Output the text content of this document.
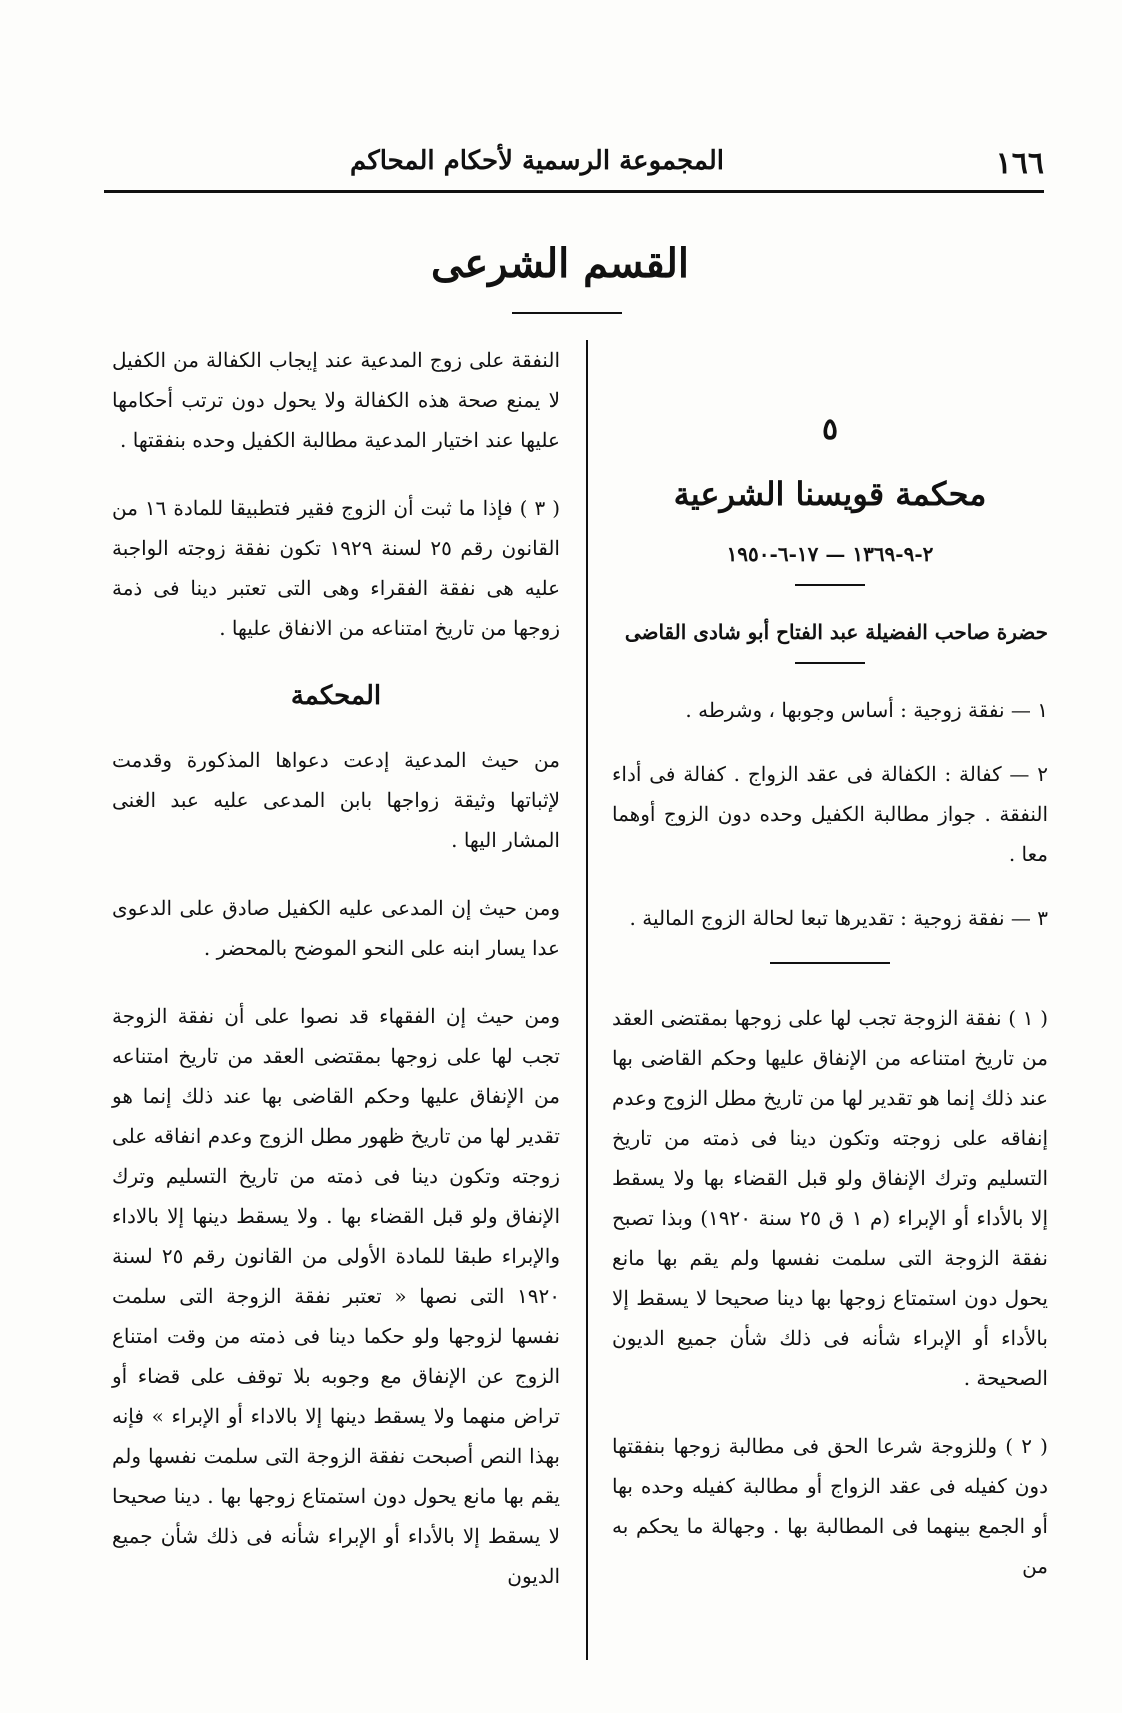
١٦٦
المجموعة الرسمية لأحكام المحاكم
القسم الشرعى
٥
محكمة قويسنا الشرعية
٢-٩-١٣٦٩ — ١٧-٦-١٩٥٠
حضرة صاحب الفضيلة عبد الفتاح أبو شادى القاضى
١ — نفقة زوجية : أساس وجوبها ، وشرطه .
٢ — كفالة : الكفالة فى عقد الزواج . كفالة فى أداء النفقة . جواز مطالبة الكفيل وحده دون الزوج أوهما معا .
٣ — نفقة زوجية : تقديرها تبعا لحالة الزوج المالية .

( ١ ) نفقة الزوجة تجب لها على زوجها بمقتضى العقد من تاريخ امتناعه من الإنفاق عليها وحكم القاضى بها عند ذلك إنما هو تقدير لها من تاريخ مطل الزوج وعدم إنفاقه على زوجته وتكون دينا فى ذمته من تاريخ التسليم وترك الإنفاق ولو قبل القضاء بها ولا يسقط إلا بالأداء أو الإبراء (م ١ ق ٢٥ سنة ١٩٢٠) وبذا تصبح نفقة الزوجة التى سلمت نفسها ولم يقم بها مانع يحول دون استمتاع زوجها بها دينا صحيحا لا يسقط إلا بالأداء أو الإبراء شأنه فى ذلك شأن جميع الديون الصحيحة .

( ٢ ) وللزوجة شرعا الحق فى مطالبة زوجها بنفقتها دون كفيله فى عقد الزواج أو مطالبة كفيله وحده بها أو الجمع بينهما فى المطالبة بها . وجهالة ما يحكم به من

النفقة على زوج المدعية عند إيجاب الكفالة من الكفيل لا يمنع صحة هذه الكفالة ولا يحول دون ترتب أحكامها عليها عند اختيار المدعية مطالبة الكفيل وحده بنفقتها .

( ٣ ) فإذا ما ثبت أن الزوج فقير فتطبيقا للمادة ١٦ من القانون رقم ٢٥ لسنة ١٩٢٩ تكون نفقة زوجته الواجبة عليه هى نفقة الفقراء وهى التى تعتبر دينا فى ذمة زوجها من تاريخ امتناعه من الانفاق عليها .

المحكمة

من حيث المدعية إدعت دعواها المذكورة وقدمت لإثباتها وثيقة زواجها بابن المدعى عليه عبد الغنى المشار اليها .

ومن حيث إن المدعى عليه الكفيل صادق على الدعوى عدا يسار ابنه على النحو الموضح بالمحضر .

ومن حيث إن الفقهاء قد نصوا على أن نفقة الزوجة تجب لها على زوجها بمقتضى العقد من تاريخ امتناعه من الإنفاق عليها وحكم القاضى بها عند ذلك إنما هو تقدير لها من تاريخ ظهور مطل الزوج وعدم انفاقه على زوجته وتكون دينا فى ذمته من تاريخ التسليم وترك الإنفاق ولو قبل القضاء بها . ولا يسقط دينها إلا بالاداء والإبراء طبقا للمادة الأولى من القانون رقم ٢٥ لسنة ١٩٢٠ التى نصها « تعتبر نفقة الزوجة التى سلمت نفسها لزوجها ولو حكما دينا فى ذمته من وقت امتناع الزوج عن الإنفاق مع وجوبه بلا توقف على قضاء أو تراض منهما ولا يسقط دينها إلا بالاداء أو الإبراء » فإنه بهذا النص أصبحت نفقة الزوجة التى سلمت نفسها ولم يقم بها مانع يحول دون استمتاع زوجها بها . دينا صحيحا لا يسقط إلا بالأداء أو الإبراء شأنه فى ذلك شأن جميع الديون
